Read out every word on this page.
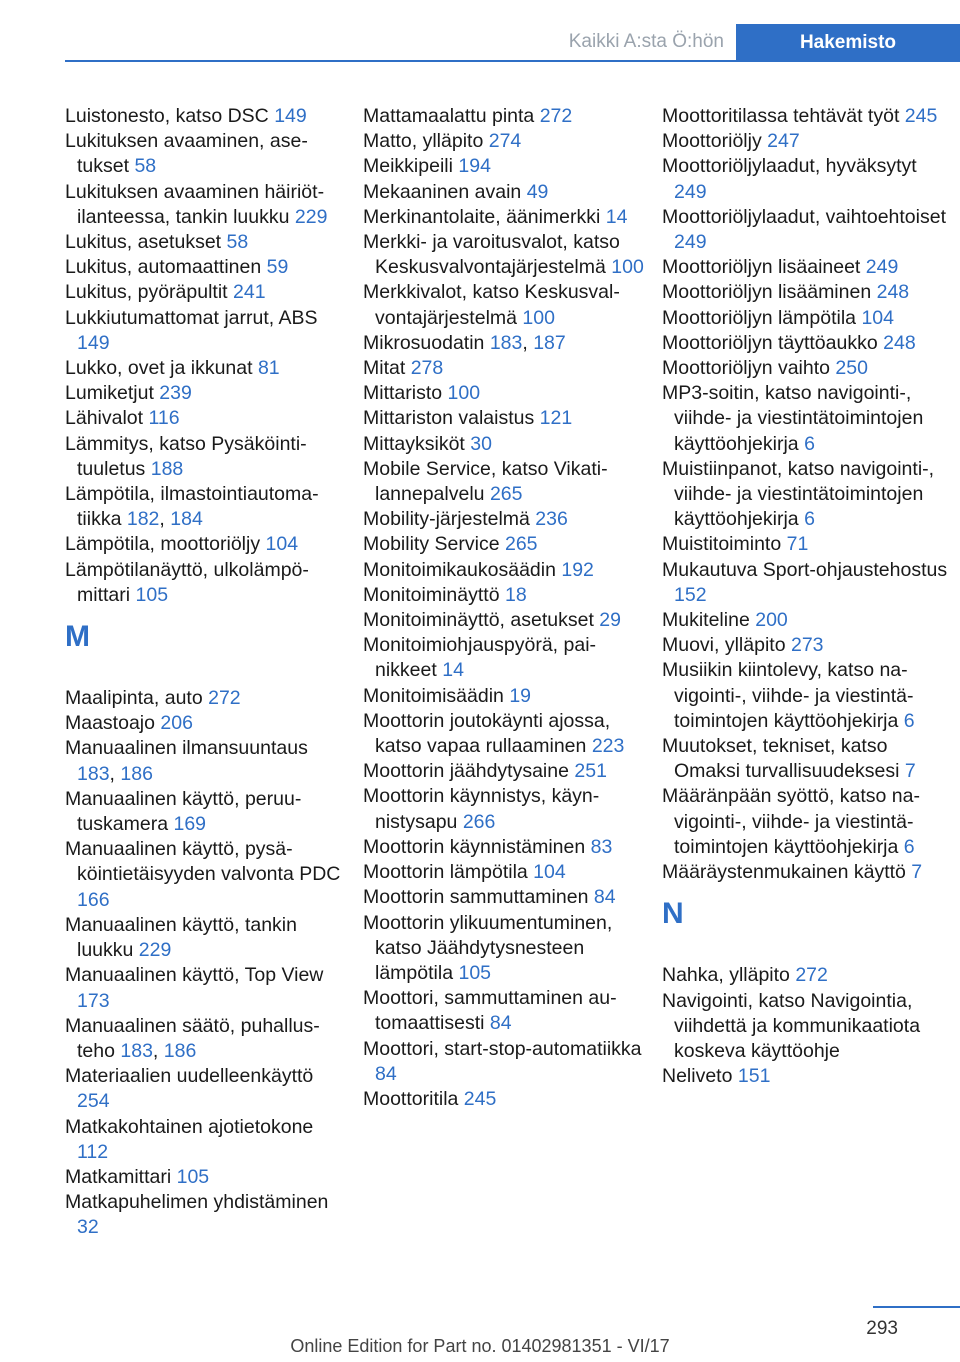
Kaikki A:sta Ö:hön	Hakemisto
Luistonesto, katso DSC 149
Lukituksen avaaminen, asetukset 58
Lukituksen avaaminen häiriötilanteessa, tankin luukku 229
Lukitus, asetukset 58
Lukitus, automaattinen 59
Lukitus, pyöräpultit 241
Lukkiutumattomat jarrut, ABS 149
Lukko, ovet ja ikkunat 81
Lumiketjut 239
Lähivalot 116
Lämmitys, katso Pysäköintituuletus 188
Lämpötila, ilmastointiautomatiikka 182, 184
Lämpötila, moottoriöljy 104
Lämpötilanäyttö, ulkolämpömittari 105
M
Maalipinta, auto 272
Maastoajo 206
Manuaalinen ilmansuuntaus 183, 186
Manuaalinen käyttö, peruutuskamera 169
Manuaalinen käyttö, pysäköintietäisyyden valvonta PDC 166
Manuaalinen käyttö, tankin luukku 229
Manuaalinen käyttö, Top View 173
Manuaalinen säätö, puhallusteho 183, 186
Materiaalien uudelleenkäyttö 254
Matkakohtainen ajotietokone 112
Matkamittari 105
Matkapuhelimen yhdistäminen 32
Mattamaalattu pinta 272
Matto, ylläpito 274
Meikkipeili 194
Mekaaninen avain 49
Merkinantolaite, äänimerkki 14
Merkki- ja varoitusvalot, katso Keskusvalvontajärjestelmä 100
Merkkivalot, katso Keskusvalvontajärjestelmä 100
Mikrosuodatin 183, 187
Mitat 278
Mittaristo 100
Mittariston valaistus 121
Mittayksiköt 30
Mobile Service, katso Vikatilannepalvelu 265
Mobility-järjestelmä 236
Mobility Service 265
Monitoimikaukosäädin 192
Monitoiminäyttö 18
Monitoiminäyttö, asetukset 29
Monitoimiohjauspyörä, painikkeet 14
Monitoimisäädin 19
Moottorin joutokäynti ajossa, katso vapaa rullaaminen 223
Moottorin jäähdytysaine 251
Moottorin käynnistys, käynnistysapu 266
Moottorin käynnistäminen 83
Moottorin lämpötila 104
Moottorin sammuttaminen 84
Moottorin ylikuumentuminen, katso Jäähdytysnesteen lämpötila 105
Moottori, sammuttaminen automaattisesti 84
Moottori, start-stop-automatiikka 84
Moottoritila 245
Moottoritilassa tehtävät työt 245
Moottoriöljy 247
Moottoriöljylaadut, hyväksytyt 249
Moottoriöljylaadut, vaihtoehtoiset 249
Moottoriöljyn lisäaineet 249
Moottoriöljyn lisääminen 248
Moottoriöljyn lämpötila 104
Moottoriöljyn täyttöaukko 248
Moottoriöljyn vaihto 250
MP3-soitin, katso navigointi-, viihde- ja viestintätoimintojen käyttöohjekirja 6
Muistiinpanot, katso navigointi-, viihde- ja viestintätoimintojen käyttöohjekirja 6
Muistitoiminto 71
Mukautuva Sport-ohjaustehostus 152
Mukiteline 200
Muovi, ylläpito 273
Musiikin kiintolevy, katso navigointi-, viihde- ja viestintätoimintojen käyttöohjekirja 6
Muutokset, tekniset, katso Omaksi turvallisuudeksesi 7
Määränpään syöttö, katso navigointi-, viihde- ja viestintätoimintojen käyttöohjekirja 6
Määräystenmukainen käyttö 7
N
Nahka, ylläpito 272
Navigointi, katso Navigointia, viihdettä ja kommunikaatiota koskeva käyttöohje
Neliveto 151
293
Online Edition for Part no. 01402981351 - VI/17
